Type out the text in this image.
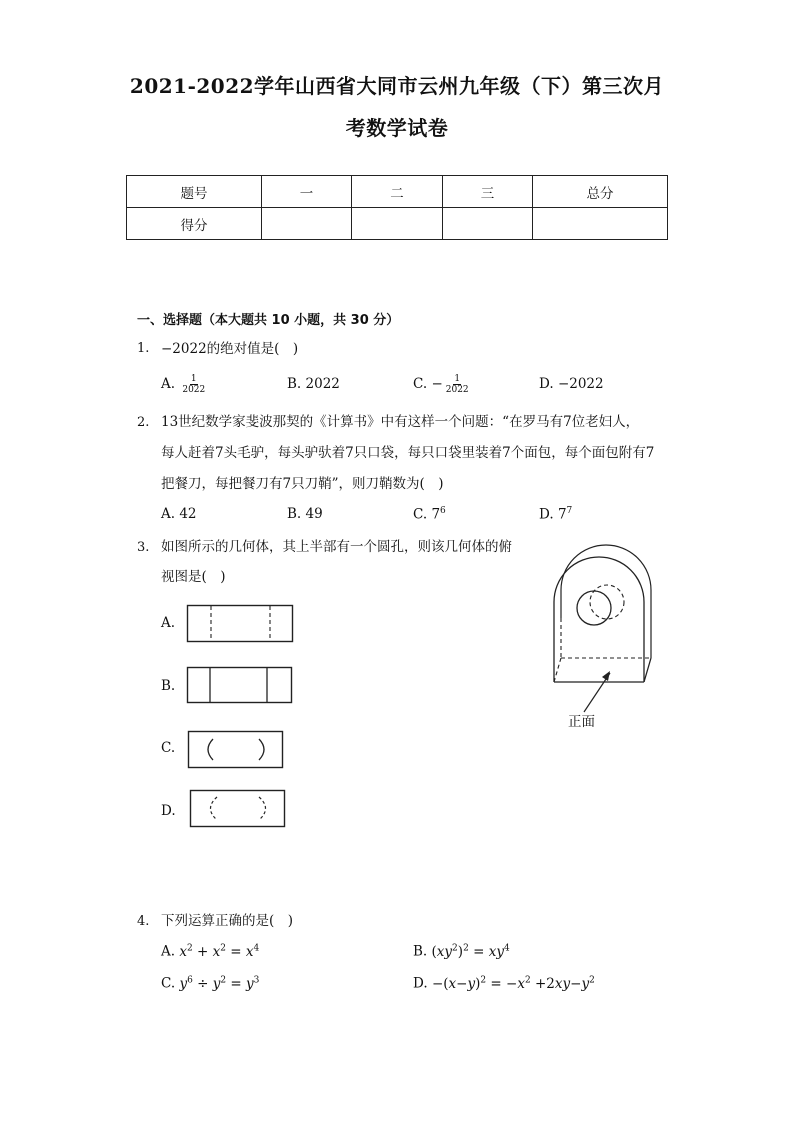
2021-2022学年山西省大同市云州九年级（下）第三次月
考数学试卷
题号	一	二	三	总分
得分				
一、选择题（本大题共 10 小题，共 30 分）
1. −2022的绝对值是(　)
A. $\frac{1}{2022}$	B. 2022	C. − $\frac{1}{2022}$	D. −2022
2. 13世纪数学家斐波那契的《计算书》中有这样一个问题：“在罗马有7位老妇人，
每人赶着7头毛驴，每头驴驮着7只口袋，每只口袋里装着7个面包，每个面包附有7
把餐刀，每把餐刀有7只刀鞘”，则刀鞘数为(　)
A. 42	B. 49	C. $7^6$	D. $7^7$
3. 如图所示的几何体，其上半部有一个圆孔，则该几何体的俯
视图是(　)
A.
B.
C.
D.
正面
4. 下列运算正确的是(　)
A. $x^2 + x^2 = x^4$	B. $(xy^2)^2 = xy^4$
C. $y^6 \div y^2 = y^3$	D. $-(x-y)^2 = -x^2 +2xy-y^2$
